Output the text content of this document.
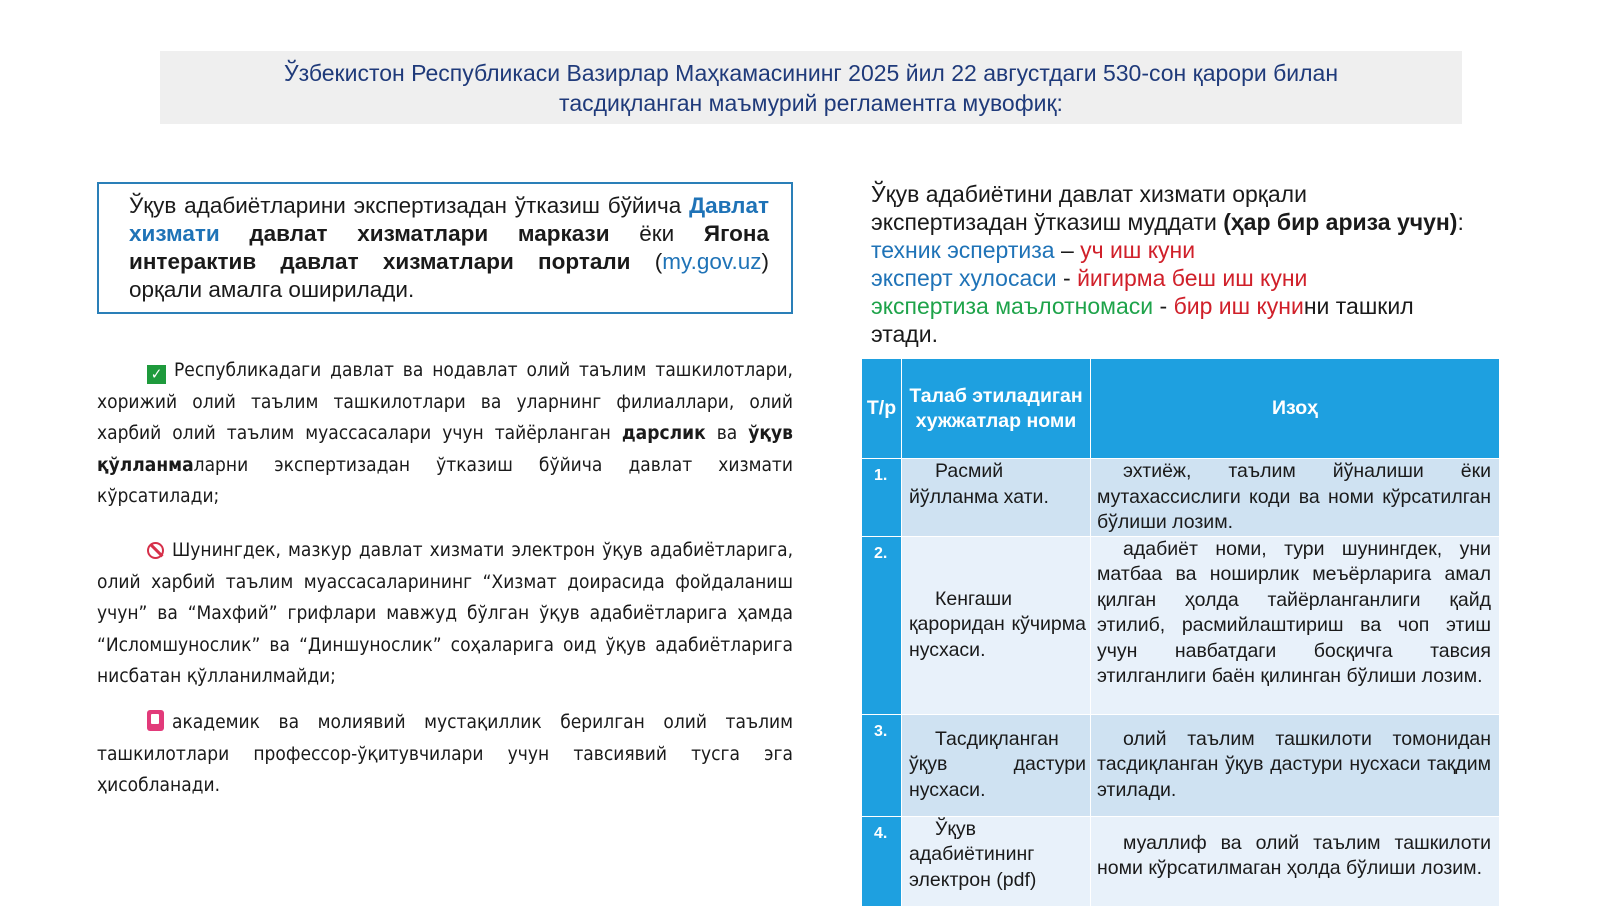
Ўзбекистон Республикаси Вазирлар Маҳкамасининг 2025 йил 22 августдаги 530-сон қарори билан
тасдиқланган маъмурий регламентга мувофиқ:
Ўқув адабиётларини экспертизадан ўтказиш бўйича Давлат хизмати давлат хизматлари маркази ёки Ягона интерактив давлат хизматлари портали (my.gov.uz) орқали амалга оширилади.
✓ Республикадаги давлат ва нодавлат олий таълим ташкилотлари, хорижий олий таълим ташкилотлари ва уларнинг филиаллари, олий харбий олий таълим муассасалари учун тайёрланган дарслик ва ўқув қўлланмаларни экспертизадан ўтказиш бўйича давлат хизмати кўрсатилади;
Шунингдек, мазкур давлат хизмати электрон ўқув адабиётларига, олий харбий таълим муассасаларининг “Хизмат доирасида фойдаланиш учун” ва “Махфий” грифлари мавжуд бўлган ўқув адабиётларига ҳамда “Исломшунослик” ва “Диншунослик” соҳаларига оид ўқув адабиётларига нисбатан қўлланилмайди;
академик ва молиявий мустақиллик берилган олий таълим ташкилотлари профессор-ўқитувчилари учун тавсиявий тусга эга ҳисобланади.
Ўқув адабиётини давлат хизмати орқали
экспертизадан ўтказиш муддати (ҳар бир ариза учун):
техник эспертиза – уч иш куни
эксперт хулосаси - йигирма беш иш куни
экспертиза маълотномаси - бир иш кунини ташкил этади.
Т/р	Талаб этиладиган хужжатлар номи	Изоҳ
1.	Расмий йўлланма хати.	эхтиёж, таълим йўналиши ёки мутахассислиги коди ва номи кўрсатилган бўлиши лозим.
2.	Кенгаши қароридан кўчирма нусхаси.	адабиёт номи, тури шунингдек, уни матбаа ва ноширлик меъёрларига амал қилган ҳолда тайёрланганлиги қайд этилиб, расмийлаштириш ва чоп этиш учун навбатдаги босқичга тавсия этилганлиги баён қилинган бўлиши лозим.
3.	Тасдиқланган ўқув дастури нусхаси.	олий таълим ташкилоти томонидан тасдиқланган ўқув дастури нусхаси тақдим этилади.
4.	Ўқув адабиётининг электрон (pdf)	муаллиф ва олий таълим ташкилоти номи кўрсатилмаган ҳолда бўлиши лозим.
